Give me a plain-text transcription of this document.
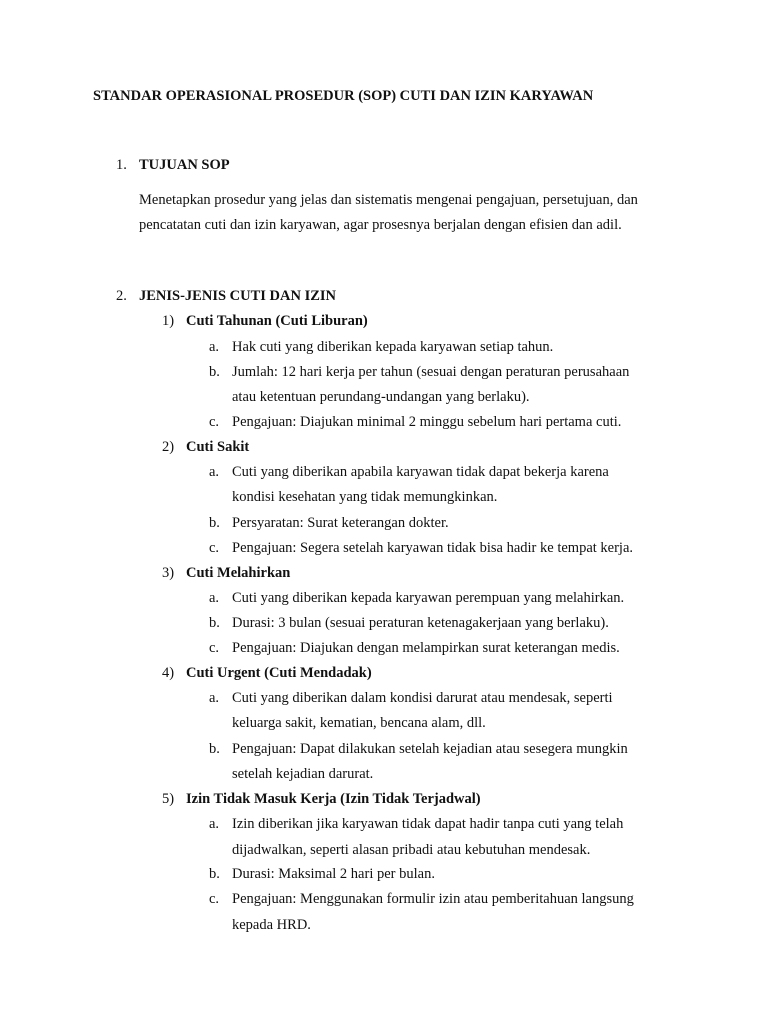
STANDAR OPERASIONAL PROSEDUR (SOP) CUTI DAN IZIN KARYAWAN
1. TUJUAN SOP
Menetapkan prosedur yang jelas dan sistematis mengenai pengajuan, persetujuan, dan
pencatatan cuti dan izin karyawan, agar prosesnya berjalan dengan efisien dan adil.
2. JENIS-JENIS CUTI DAN IZIN
1) Cuti Tahunan (Cuti Liburan)
a. Hak cuti yang diberikan kepada karyawan setiap tahun.
b. Jumlah: 12 hari kerja per tahun (sesuai dengan peraturan perusahaan
atau ketentuan perundang-undangan yang berlaku).
c. Pengajuan: Diajukan minimal 2 minggu sebelum hari pertama cuti.
2) Cuti Sakit
a. Cuti yang diberikan apabila karyawan tidak dapat bekerja karena
kondisi kesehatan yang tidak memungkinkan.
b. Persyaratan: Surat keterangan dokter.
c. Pengajuan: Segera setelah karyawan tidak bisa hadir ke tempat kerja.
3) Cuti Melahirkan
a. Cuti yang diberikan kepada karyawan perempuan yang melahirkan.
b. Durasi: 3 bulan (sesuai peraturan ketenagakerjaan yang berlaku).
c. Pengajuan: Diajukan dengan melampirkan surat keterangan medis.
4) Cuti Urgent (Cuti Mendadak)
a. Cuti yang diberikan dalam kondisi darurat atau mendesak, seperti
keluarga sakit, kematian, bencana alam, dll.
b. Pengajuan: Dapat dilakukan setelah kejadian atau sesegera mungkin
setelah kejadian darurat.
5) Izin Tidak Masuk Kerja (Izin Tidak Terjadwal)
a. Izin diberikan jika karyawan tidak dapat hadir tanpa cuti yang telah
dijadwalkan, seperti alasan pribadi atau kebutuhan mendesak.
b. Durasi: Maksimal 2 hari per bulan.
c. Pengajuan: Menggunakan formulir izin atau pemberitahuan langsung
kepada HRD.
